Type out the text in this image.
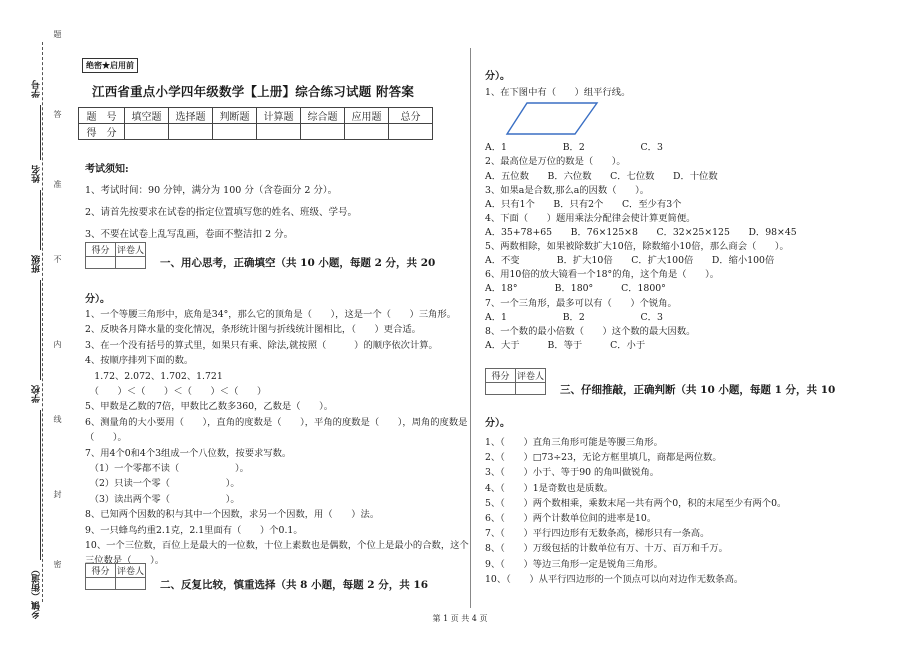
学号
姓名
班级
学校
乡镇（街道）
题
答
准
不
内
线
封
密
绝密★启用前
江西省重点小学四年级数学【上册】综合练习试题 附答案
题　号	填空题	选择题	判断题	计算题	综合题	应用题	总分
得　分							
考试须知:
1、考试时间：90 分钟，满分为 100 分（含卷面分 2 分）。
2、请首先按要求在试卷的指定位置填写您的姓名、班级、学号。
3、不要在试卷上乱写乱画，卷面不整洁扣 2 分。
得分	评卷人

一、用心思考，正确填空（共 10 小题，每题 2 分，共 20
分）。
1、一个等腰三角形中，底角是34°，那么它的顶角是（　　），这是一个（　　）三角形。
2、反映各月降水量的变化情况，条形统计图与折线统计图相比，（　　）更合适。
3、在一个没有括号的算式里，如果只有乘、除法,就按照（　　　）的顺序依次计算。
4、按顺序排列下面的数。
　1.72、2.072、1.702、1.721
　（　　）＜（　　）＜（　　）＜（　　）
5、甲数是乙数的7倍，甲数比乙数多360，乙数是（　　）。
6、测量角的大小要用（　　），直角的度数是（　　），平角的度数是（　　），周角的度数是
（　　）。
7、用4个0和4个3组成一个八位数，按要求写数。
　（1）一个零都不读（　　　　　　）。
　（2）只读一个零（　　　　　　）。
　（3）读出两个零（　　　　　　）。
8、已知两个因数的积与其中一个因数，求另一个因数，用（　　）法。
9、一只蜂鸟约重2.1克，2.1里面有（　　）个0.1。
10、一个三位数，百位上是最大的一位数，十位上素数也是偶数，个位上是最小的合数，这个
三位数是（　　）。
得分	评卷人

二、反复比较，慎重选择（共 8 小题，每题 2 分，共 16
分）。
1、在下图中有（　　）组平行线。
A．1　　　　　　B．2　　　　　　C．3
2、最高位是万位的数是（　　）。
A．五位数　　B．六位数　　C．七位数　　D．十位数
3、如果a是合数,那么a的因数（　　）。
A．只有1个　　B．只有2个　　C．至少有3个
4、下面（　　）题用乘法分配律会使计算更简便。
A．35+78+65　　B．76×125×8　　C．32×25×125　　D．98×45
5、两数相除，如果被除数扩大10倍，除数缩小10倍，那么商会（　　）。
A．不变　　　　B．扩大10倍　　C．扩大100倍　　D．缩小100倍
6、用10倍的放大镜看一个18°的角，这个角是（　　）。
A．18°　　　　B．180°　　　C．1800°
7、一个三角形，最多可以有（　　）个锐角。
A．1　　　　　　B．2　　　　　　C．3
8、一个数的最小倍数（　　）这个数的最大因数。
A．大于　　　B．等于　　　C．小于
得分	评卷人

三、仔细推敲，正确判断（共 10 小题，每题 1 分，共 10
分）。
1、（　　）直角三角形可能是等腰三角形。
2、（　　）□73÷23，无论方框里填几，商都是两位数。
3、（　　）小于、等于90 的角叫做锐角。
4、（　　）1是奇数也是质数。
5、（　　）两个数相乘，乘数末尾一共有两个0，积的末尾至少有两个0。
6、（　　）两个计数单位间的进率是10。
7、（　　）平行四边形有无数条高，梯形只有一条高。
8、（　　）万级包括的计数单位有万、十万、百万和千万。
9、（　　）等边三角形一定是锐角三角形。
10、（　　）从平行四边形的一个顶点可以向对边作无数条高。
第 1 页 共 4 页
